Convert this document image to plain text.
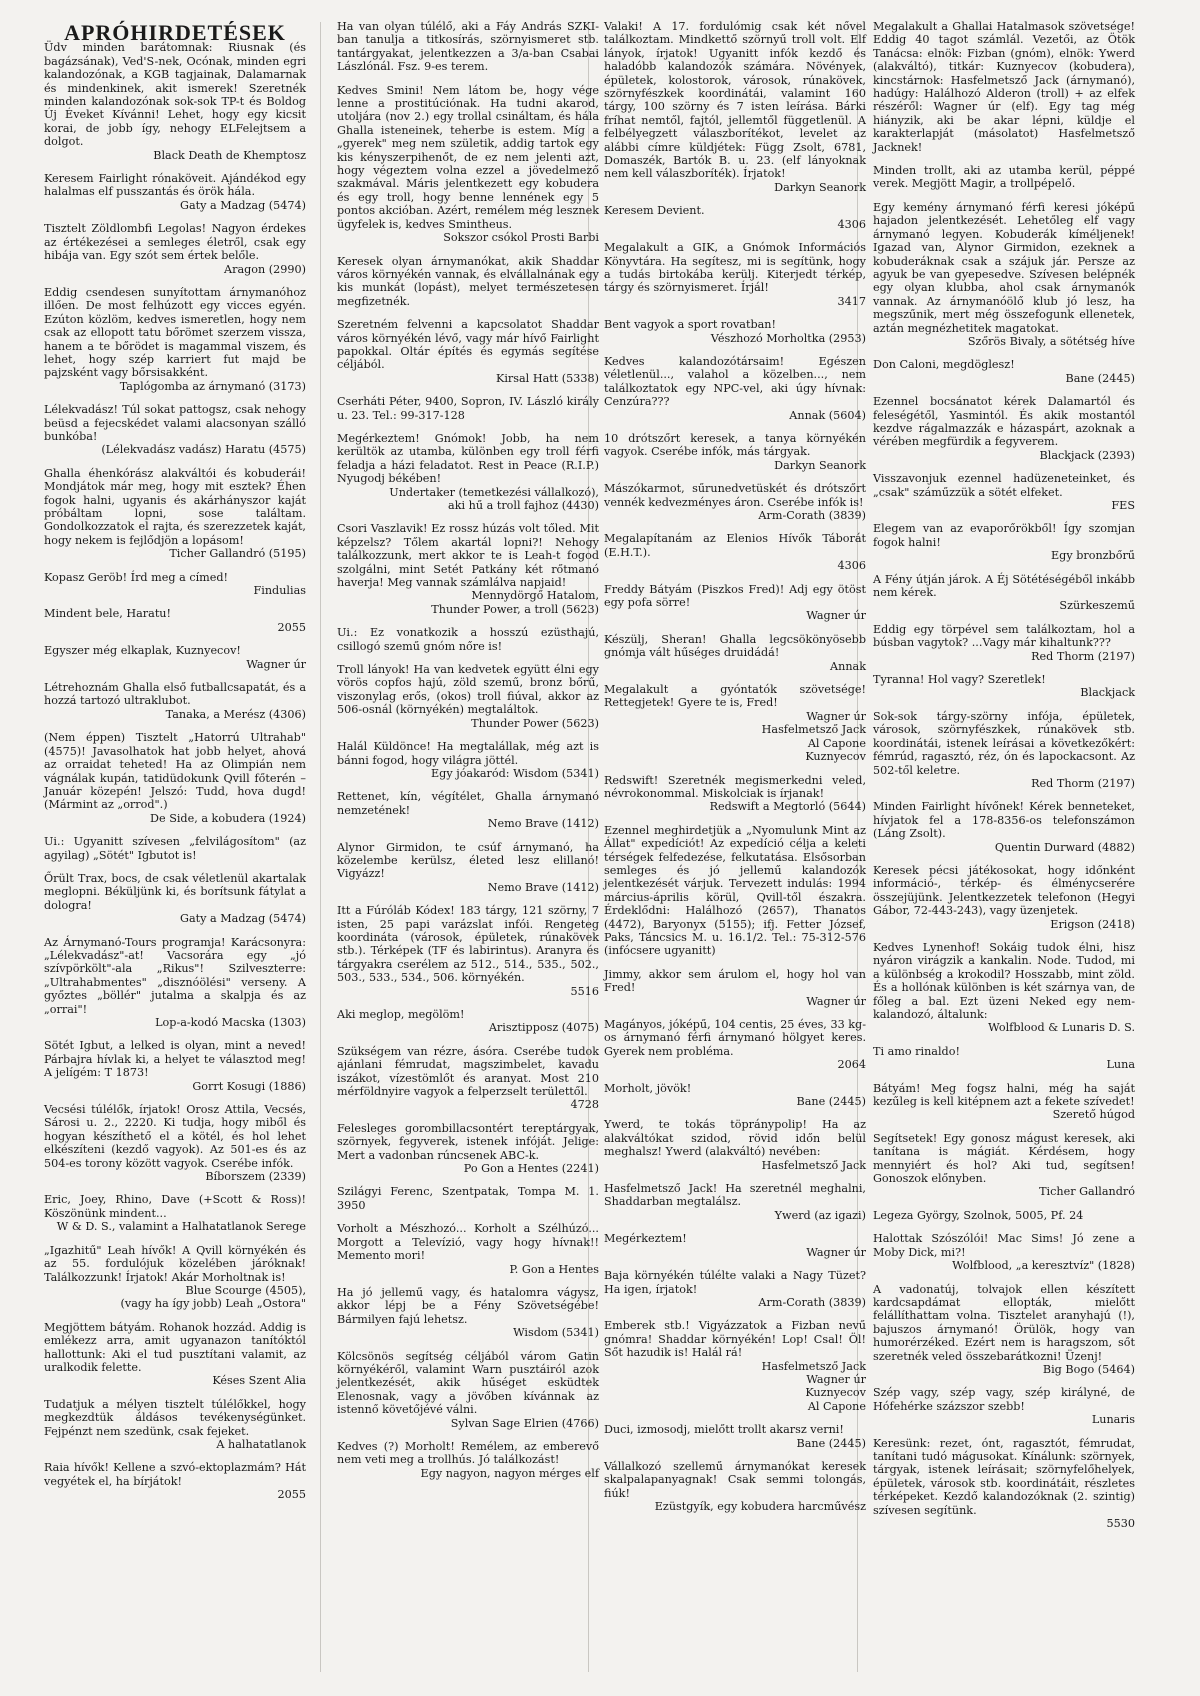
APRÓHIRDETÉSEK

Üdv minden barátomnak: Riusnak (és bagázsának), Ved'S-nek, Ocónak, minden egri kalandozónak, a KGB tagjainak, Dalamarnak és mindenkinek, akit ismerek! Szeretnék minden kalandozónak sok-sok TP-t és Boldog Új Éveket Kívánni! Lehet, hogy egy kicsit korai, de jobb így, nehogy ELFelejtsem a dolgot.

Black Death de Khemptosz

Keresem Fairlight rónaköveit. Ajándékod egy halalmas elf pusszantás és örök hála.

Gaty a Madzag (5474)

Tisztelt Zöldlombfi Legolas! Nagyon érdekes az értékezései a semleges életről, csak egy hibája van. Egy szót sem értek belőle.

Aragon (2990)

Eddig csendesen sunyítottam árnymanóhoz illően. De most felhúzott egy vicces egyén. Ezúton közlöm, kedves ismeretlen, hogy nem csak az ellopott tatu bőrömet szerzem vissza, hanem a te bőrödet is magammal viszem, és lehet, hogy szép karriert fut majd be pajzsként vagy bőrsisakként.

Taplógomba az árnymanó (3173)

Lélekvadász! Túl sokat pattogsz, csak nehogy beüsd a fejecskédet valami alacsonyan szálló bunkóba!

(Lélekvadász vadász) Haratu (4575)

Ghalla éhenkórász alakváltói és kobuderái! Mondjátok már meg, hogy mit esztek? Éhen fogok halni, ugyanis és akárhányszor kaját próbáltam lopni, sose találtam. Gondolkozzatok el rajta, és szerezzetek kaját, hogy nekem is fejlődjön a lopásom!

Ticher Gallandró (5195)

Kopasz Geröb! Írd meg a címed!

Findulias

Mindent bele, Haratu!

2055

Egyszer még elkaplak, Kuznyecov!

Wagner úr

Létrehoznám Ghalla első futballcsapatát, és a hozzá tartozó ultraklubot.

Tanaka, a Merész (4306)

(Nem éppen) Tisztelt „Hatorrú Ultrahab" (4575)! Javasolhatok hat jobb helyet, ahová az orraidat teheted! Ha az Olimpián nem vágnálak kupán, tatidüdokunk Qvill főterén – Január közepén! Jelszó: Tudd, hova dugd! (Mármint az „orrod".)

De Side, a kobudera (1924)

Ui.: Ugyanitt szívesen „felvilágosítom" (az agyilag) „Sötét" Igbutot is!

Őrült Trax, bocs, de csak véletlenül akartalak meglopni. Béküljünk ki, és borítsunk fátylat a dologra!

Gaty a Madzag (5474)

Az Árnymanó-Tours programja! Karácsonyra: „Lélekvadász"-at! Vacsorára egy „jó szívpörkölt"-ala „Rikus"! Szilveszterre: „Ultrahabmentes" „disznóölési" verseny. A győztes „böllér" jutalma a skalpja és az „orrai"!

Lop-a-kodó Macska (1303)

Sötét Igbut, a lelked is olyan, mint a neved! Párbajra hívlak ki, a helyet te választod meg! A jelígém: T 1873!

Gorrt Kosugi (1886)

Vecsési túlélők, írjatok! Orosz Attila, Vecsés, Sárosi u. 2., 2220. Ki tudja, hogy miből és hogyan készíthető el a kötél, és hol lehet elkészíteni (kezdő vagyok). Az 501-es és az 504-es torony között vagyok. Cserébe infók.

Bíborszem (2339)

Eric, Joey, Rhino, Dave (+Scott & Ross)! Köszönünk mindent...

W & D. S., valamint a Halhatatlanok Serege

„Igazhitű" Leah hívők! A Qvill környékén és az 55. fordulójuk közelében járóknak! Találkozzunk! Írjatok! Akár Morholtnak is!

Blue Scourge (4505),
(vagy ha így jobb) Leah „Ostora"

Megjöttem bátyám. Rohanok hozzád. Addig is emlékezz arra, amit ugyanazon tanítóktól hallottunk: Aki el tud pusztítani valamit, az uralkodik felette.

Késes Szent Alia

Tudatjuk a mélyen tisztelt túlélőkkel, hogy megkezdtük áldásos tevékenységünket. Fejpénzt nem szedünk, csak fejeket.

A halhatatlanok

Raia hívők! Kellene a szvó-ektoplazmám? Hát vegyétek el, ha bírjátok!

2055

Ha van olyan túlélő, aki a Fáy András SZKI-ban tanulja a titkosírás, szörnyismeret stb. tantárgyakat, jelentkezzen a 3/a-ban Csabai Lászlónál. Fsz. 9-es terem.

Kedves Smini! Nem látom be, hogy vége lenne a prostitúciónak. Ha tudni akarod, utoljára (nov 2.) egy trollal csináltam, és hála Ghalla isteneinek, teherbe is estem. Míg a „gyerek" meg nem születik, addig tartok egy kis kényszerpihenőt, de ez nem jelenti azt, hogy végeztem volna ezzel a jövedelmező szakmával. Máris jelentkezett egy kobudera és egy troll, hogy benne lennének egy 5 pontos akcióban. Azért, remélem még lesznek ügyfelek is, kedves Smintheus.

Sokszor csókol Prosti Barbi

Keresek olyan árnymanókat, akik Shaddar város környékén vannak, és elvállalnának egy kis munkát (lopást), melyet természetesen megfizetnék.

Szeretném felvenni a kapcsolatot Shaddar város környékén lévő, vagy már hívő Fairlight papokkal. Oltár építés és egymás segítése céljából.

Kirsal Hatt (5338)

Cserháti Péter, 9400, Sopron, IV. László király u. 23. Tel.: 99-317-128

Megérkeztem! Gnómok! Jobb, ha nem kerültök az utamba, különben egy troll férfi feladja a házi feladatot. Rest in Peace (R.I.P.) Nyugodj békében!

Undertaker (temetkezési vállalkozó),
aki hű a troll fajhoz (4430)

Csori Vaszlavik! Ez rossz húzás volt tőled. Mit képzelsz? Tőlem akartál lopni?! Nehogy találkozzunk, mert akkor te is Leah-t fogod szolgálni, mint Setét Patkány két rőtmanó haverja! Meg vannak számlálva napjaid!

Mennydörgő Hatalom,
Thunder Power, a troll (5623)

Ui.: Ez vonatkozik a hosszú ezüsthajú, csillogó szemű gnóm nőre is!

Troll lányok! Ha van kedvetek együtt élni egy vörös copfos hajú, zöld szemű, bronz bőrű, viszonylag erős, (okos) troll fiúval, akkor az 506-osnál (környékén) megtaláltok.

Thunder Power (5623)

Halál Küldönce! Ha megtalállak, még azt is bánni fogod, hogy világra jöttél.

Egy jóakaród: Wisdom (5341)

Rettenet, kín, végítélet, Ghalla árnymanó nemzetének!

Nemo Brave (1412)

Alynor Girmidon, te csúf árnymanó, ha közelembe kerülsz, életed lesz elillanó! Vigyázz!

Nemo Brave (1412)

Itt a Fúróláb Kódex! 183 tárgy, 121 szörny, 7 isten, 25 papi varázslat infói. Rengeteg koordináta (városok, épületek, rúnakövek stb.). Térképek (TF és labirintus). Aranyra és tárgyakra cserélem az 512., 514., 535., 502., 503., 533., 534., 506. környékén.

5516

Aki meglop, megölöm!

Arisztipposz (4075)

Szükségem van rézre, ásóra. Cserébe tudok ajánlani fémrudat, magszimbelet, kavadu iszákot, vízestömlőt és aranyat. Most 210 mérföldnyire vagyok a felperzselt területtől.

4728

Felesleges gorombillacsontért tereptárgyak, szörnyek, fegyverek, istenek infóját. Jelige: Mert a vadonban rúncsenek ABC-k.

Po Gon a Hentes (2241)

Szilágyi Ferenc, Szentpatak, Tompa M. 1. 3950

Vorholt a Mészhozó... Korholt a Szélhúzó... Morgott a Televízió, vagy hogy hívnak!! Memento mori!

P. Gon a Hentes

Ha jó jellemű vagy, és hatalomra vágysz, akkor lépj be a Fény Szövetségébe! Bármilyen fajú lehetsz.

Wisdom (5341)

Kölcsönös segítség céljából várom Gatin környékéről, valamint Warn pusztáiról azok jelentkezését, akik hűséget esküdtek Elenosnak, vagy a jövőben kívánnak az istennő követőjévé válni.

Sylvan Sage Elrien (4766)

Kedves (?) Morholt! Remélem, az emberevő nem veti meg a trollhús. Jó találkozást!

Egy nagyon, nagyon mérges elf

Valaki! A 17. fordulómig csak két nővel találkoztam. Mindkettő szörnyű troll volt. Elf lányok, írjatok! Ugyanitt infók kezdő és haladóbb kalandozók számára. Növények, épületek, kolostorok, városok, rúnakövek, szörnyfészkek koordinátái, valamint 160 tárgy, 100 szörny és 7 isten leírása. Bárki fríhat nemtől, fajtól, jellemtől függetlenül. A felbélyegzett válaszborítékot, levelet az alábbi címre küldjétek: Függ Zsolt, 6781, Domaszék, Bartók B. u. 23. (elf lányoknak nem kell válaszboríték). Írjatok!

Darkyn Seanork

Keresem Devient.

4306

Megalakult a GIK, a Gnómok Információs Könyvtára. Ha segítesz, mi is segítünk, hogy a tudás birtokába kerülj. Kiterjedt térkép, tárgy és szörnyismeret. Írjál!

3417

Bent vagyok a sport rovatban!

Vészhozó Morholtka (2953)

Kedves kalandozótársaim! Egészen véletlenül..., valahol a közelben..., nem találkoztatok egy NPC-vel, aki úgy hívnak: Cenzúra???

Annak (5604)

10 drótszőrt keresek, a tanya környékén vagyok. Cserébe infók, más tárgyak.

Darkyn Seanork

Mászókarmot, sűrunedvetüskét és drótszőrt vennék kedvezményes áron. Cserébe infók is!

Arm-Corath (3839)

Megalapítanám az Elenios Hívők Táborát (E.H.T.).

4306

Freddy Bátyám (Piszkos Fred)! Adj egy ötöst egy pofa sörre!

Wagner úr

Készülj, Sheran! Ghalla legcsökönyösebb gnómja vált hűséges druidádá!

Annak

Megalakult a gyóntatók szövetsége! Rettegjetek! Gyere te is, Fred!

Wagner úr
Hasfelmetsző Jack
Al Capone
Kuznyecov

Redswift! Szeretnék megismerkedni veled, névrokonommal. Miskolciak is írjanak!

Redswift a Megtorló (5644)

Ezennel meghirdetjük a „Nyomulunk Mint az Állat" expedíciót! Az expedíció célja a keleti térségek felfedezése, felkutatása. Elsősorban semleges és jó jellemű kalandozók jelentkezését várjuk. Tervezett indulás: 1994 március-április körül, Qvill-től északra. Érdeklődni: Halálhozó (2657), Thanatos (4472), Baryonyx (5155); ifj. Fetter József, Paks, Táncsics M. u. 16.1/2. Tel.: 75-312-576 (infócsere ugyanitt)

Jimmy, akkor sem árulom el, hogy hol van Fred!

Wagner úr

Magányos, jóképű, 104 centis, 25 éves, 33 kg-os árnymanó férfi árnymanó hölgyet keres. Gyerek nem probléma.

2064

Morholt, jövök!

Bane (2445)

Ywerd, te tokás töpránypolip! Ha az alakváltókat szidod, rövid időn belül meghalsz! Ywerd (alakváltó) nevében:

Hasfelmetsző Jack

Hasfelmetsző Jack! Ha szeretnél meghalni, Shaddarban megtalálsz.

Ywerd (az igazi)

Megérkeztem!

Wagner úr

Baja környékén túlélte valaki a Nagy Tüzet? Ha igen, írjatok!

Arm-Corath (3839)

Emberek stb.! Vigyázzatok a Fizban nevű gnómra! Shaddar környékén! Lop! Csal! Öl! Sőt hazudik is! Halál rá!

Hasfelmetsző Jack
Wagner úr
Kuznyecov
Al Capone

Duci, izmosodj, mielőtt trollt akarsz verni!

Bane (2445)

Vállalkozó szellemű árnymanókat keresek skalpalapanyagnak! Csak semmi tolongás, fiúk!

Ezüstgyík, egy kobudera harcművész

Megalakult a Ghallai Hatalmasok szövetsége! Eddig 40 tagot számlál. Vezetői, az Ötök Tanácsa: elnök: Fizban (gnóm), elnök: Ywerd (alakváltó), titkár: Kuznyecov (kobudera), kincstárnok: Hasfelmetsző Jack (árnymanó), hadúgy: Halálhozó Alderon (troll) + az elfek részéről: Wagner úr (elf). Egy tag még hiányzik, aki be akar lépni, küldje el karakterlapját (másolatot) Hasfelmetsző Jacknek!

Minden trollt, aki az utamba kerül, péppé verek. Megjött Magir, a trollpépelő.

Egy kemény árnymanó férfi keresi jóképű hajadon jelentkezését. Lehetőleg elf vagy árnymanó legyen. Kobuderák kíméljenek! Igazad van, Alynor Girmidon, ezeknek a kobuderáknak csak a szájuk jár. Persze az agyuk be van gyepesedve. Szívesen belépnék egy olyan klubba, ahol csak árnymanók vannak. Az árnymanóölő klub jó lesz, ha megszűnik, mert még összefogunk ellenetek, aztán megnézhetitek magatokat.

Szőrös Bivaly, a sötétség híve

Don Caloni, megdöglesz!

Bane (2445)

Ezennel bocsánatot kérek Dalamartól és feleségétől, Yasmintól. És akik mostantól kezdve rágalmazzák e házaspárt, azoknak a vérében megfürdik a fegyverem.

Blackjack (2393)

Visszavonjuk ezennel hadüzeneteinket, és „csak" száműzzük a sötét elfeket.

FES

Elegem van az evaporőrökből! Így szomjan fogok halni!

Egy bronzbőrű

A Fény útján járok. A Éj Sötétéségéből inkább nem kérek.

Szürkeszemű

Eddig egy törpével sem találkoztam, hol a búsban vagytok? ...Vagy már kihaltunk???

Red Thorm (2197)

Tyranna! Hol vagy? Szeretlek!

Blackjack

Sok-sok tárgy-szörny infója, épületek, városok, szörnyfészkek, rúnakövek stb. koordinátái, istenek leírásai a következőkért: fémrúd, ragasztó, réz, ón és lapockacsont. Az 502-től keletre.

Red Thorm (2197)

Minden Fairlight hívőnek! Kérek benneteket, hívjatok fel a 178-8356-os telefonszámon (Láng Zsolt).

Quentin Durward (4882)

Keresek pécsi játékosokat, hogy időnként információ-, térkép- és élménycserére összejüjünk. Jelentkezzetek telefonon (Hegyi Gábor, 72-443-243), vagy üzenjetek.

Erigson (2418)

Kedves Lynenhof! Sokáig tudok élni, hisz nyáron virágzik a kankalin. Node. Tudod, mi a különbség a krokodil? Hosszabb, mint zöld. És a hollónak különben is két szárnya van, de főleg a bal. Ezt üzeni Neked egy nem-kalandozó, általunk:

Wolfblood & Lunaris D. S.

Ti amo rinaldo!

Luna

Bátyám! Meg fogsz halni, még ha saját kezűleg is kell kitépnem azt a fekete szívedet!

Szerető húgod

Segítsetek! Egy gonosz mágust keresek, aki tanítana is mágiát. Kérdésem, hogy mennyiért és hol? Aki tud, segítsen! Gonoszok előnyben.

Ticher Gallandró

Legeza György, Szolnok, 5005, Pf. 24

Halottak Szószólói! Mac Sims! Jó zene a Moby Dick, mi?!

Wolfblood, „a keresztvíz" (1828)

A vadonatúj, tolvajok ellen készített kardcsapdámat ellopták, mielőtt felállíthattam volna. Tisztelet aranyhajú (!), bajuszos árnymanó! Örülök, hogy van humorérzéked. Ezért nem is haragszom, sőt szeretnék veled összebarátkozni! Üzenj!

Big Bogo (5464)

Szép vagy, szép vagy, szép királyné, de Hófehérke százszor szebb!

Lunaris

Keresünk: rezet, ónt, ragasztót, fémrudat, tanítani tudó mágusokat. Kínálunk: szörnyek, tárgyak, istenek leírásait; szörnyfelőhelyek, épületek, városok stb. koordinátáit, részletes térképeket. Kezdő kalandozóknak (2. szintig) szívesen segítünk.

5530
